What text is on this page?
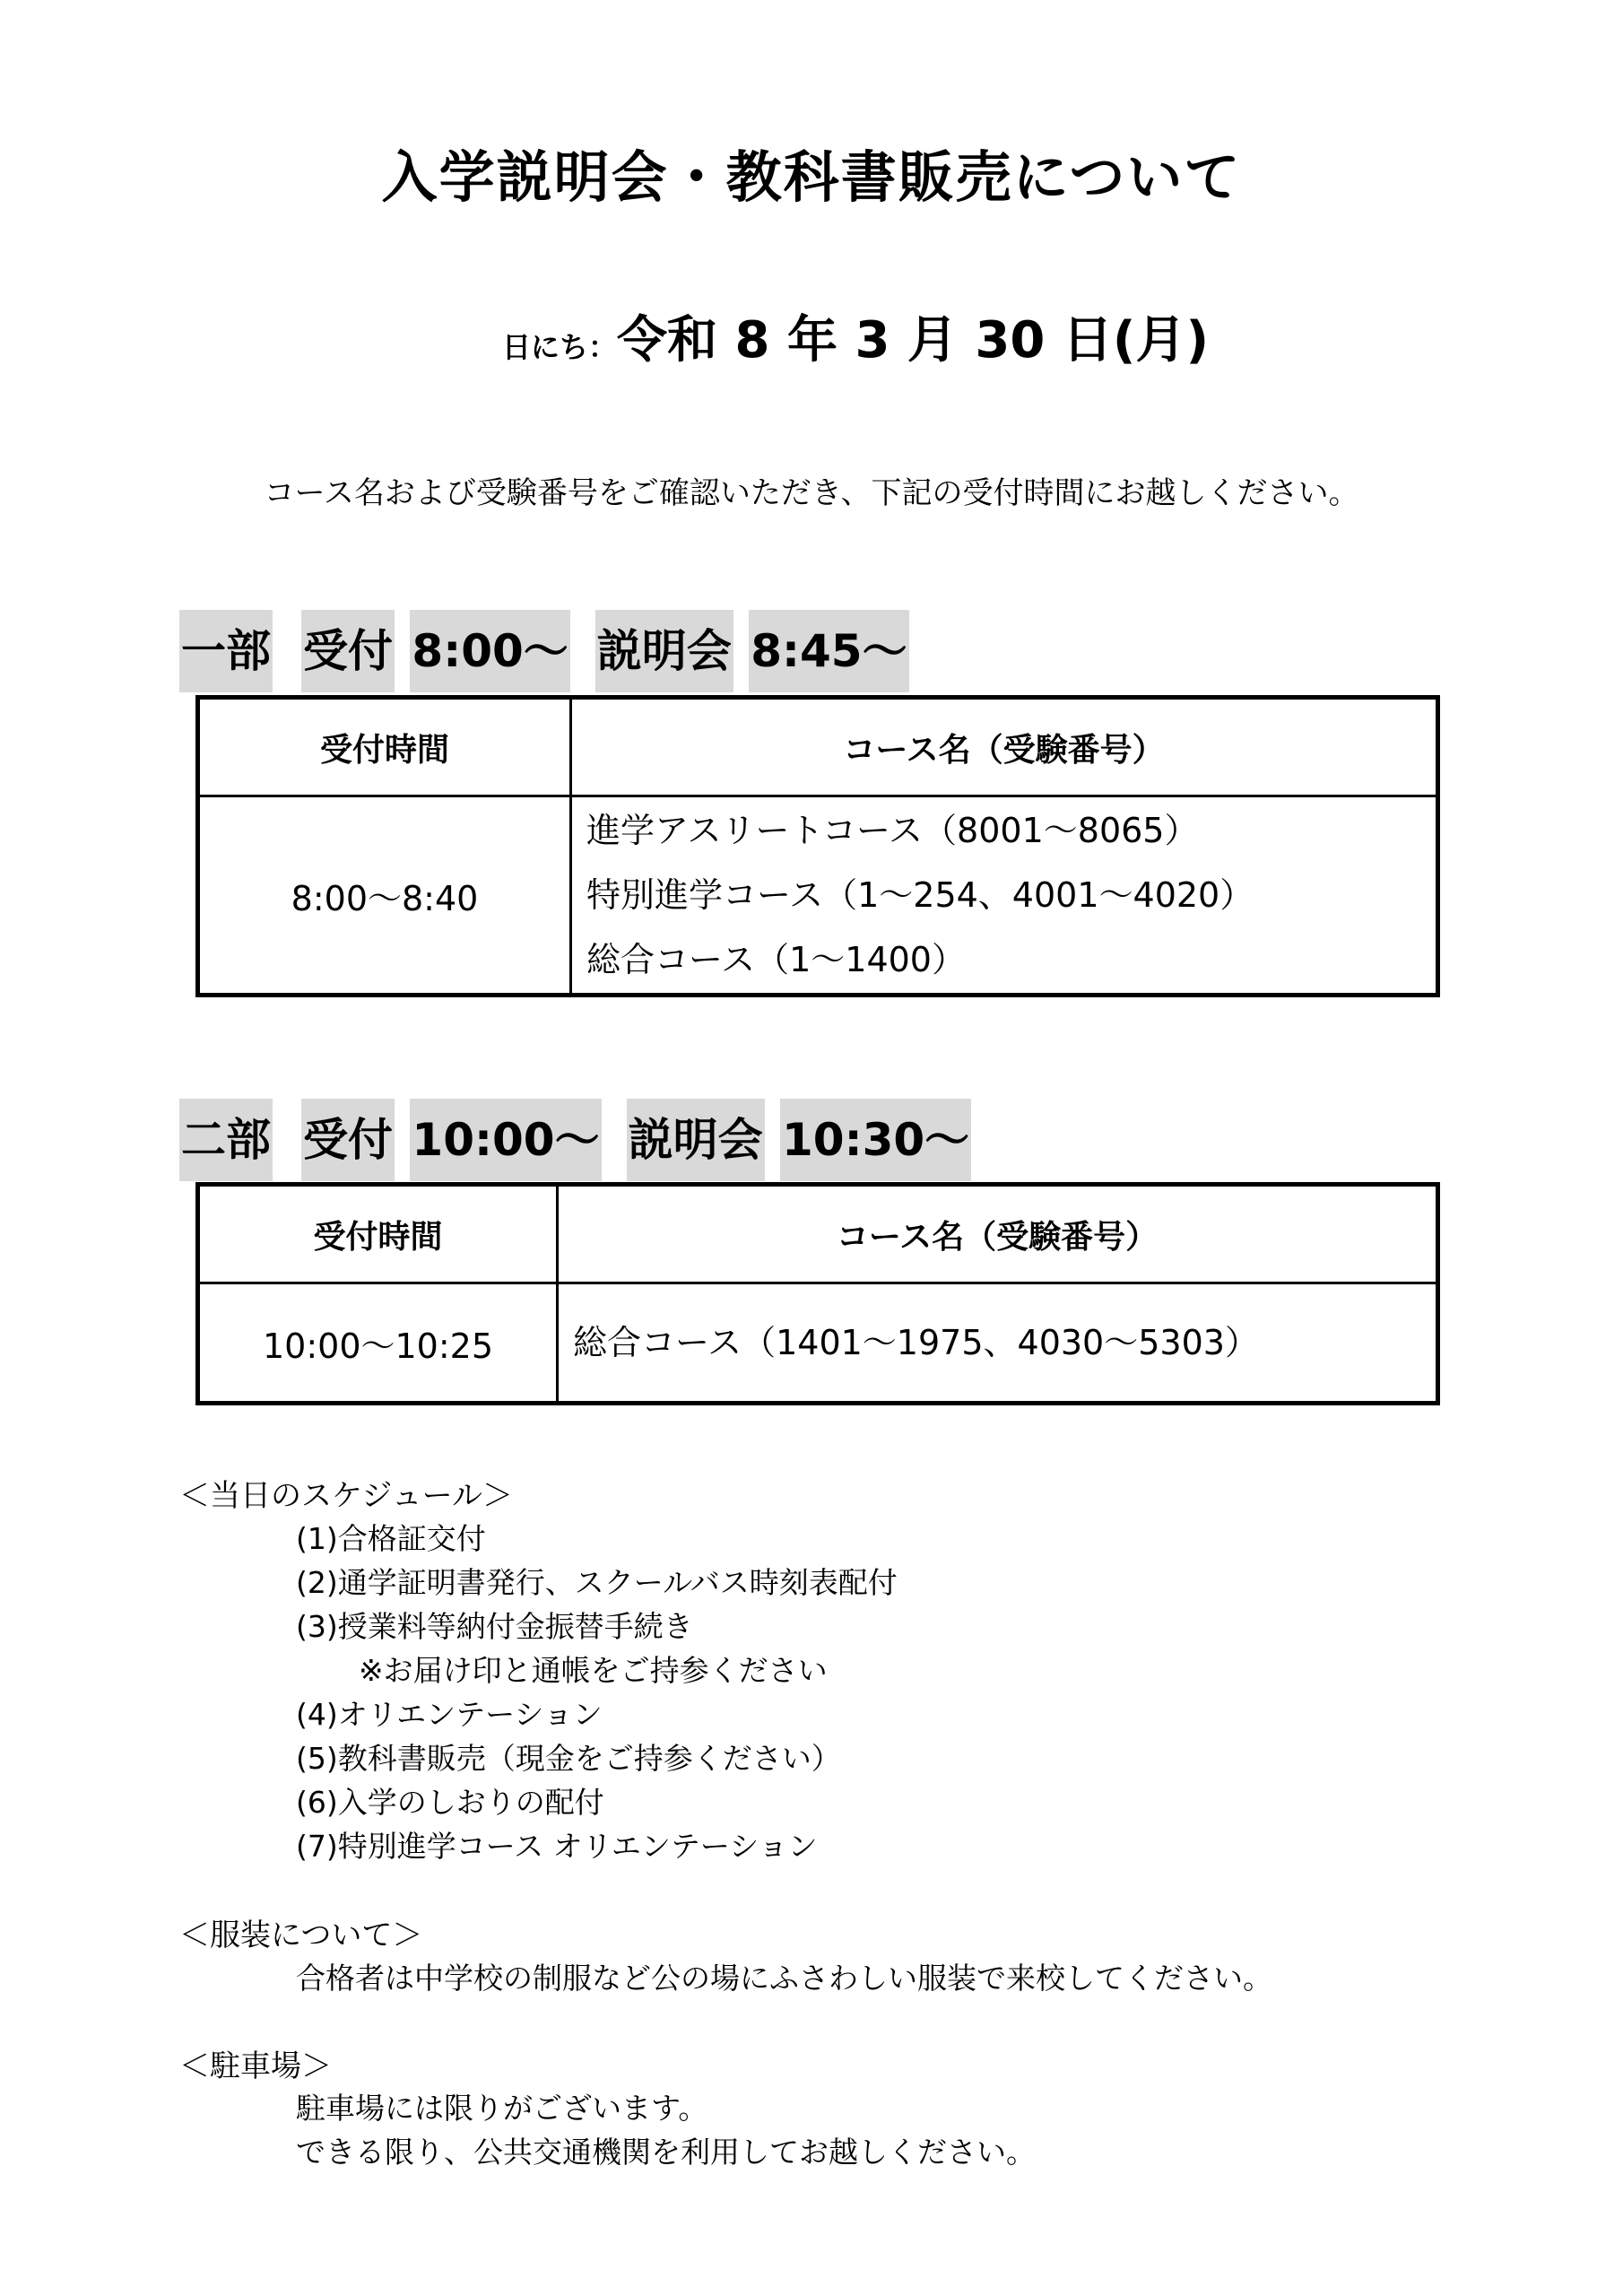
入学説明会・教科書販売について
日にち：令和 8 年 3 月 30 日(月)
コース名および受験番号をご確認いただき、下記の受付時間にお越しください。
一部 受付 8:00〜 説明会 8:45〜
受付時間	コース名（受験番号）
8:00〜8:40	進学アスリートコース（8001〜8065）
特別進学コース（1〜254、4001〜4020）
総合コース（1〜1400）
二部 受付 10:00〜 説明会 10:30〜
受付時間	コース名（受験番号）
10:00〜10:25	総合コース（1401〜1975、4030〜5303）
＜当日のスケジュール＞
(1)合格証交付
(2)通学証明書発行、スクールバス時刻表配付
(3)授業料等納付金振替手続き
※お届け印と通帳をご持参ください
(4)オリエンテーション
(5)教科書販売（現金をご持参ください）
(6)入学のしおりの配付
(7)特別進学コース オリエンテーション
＜服装について＞
合格者は中学校の制服など公の場にふさわしい服装で来校してください。
＜駐車場＞
駐車場には限りがございます。
できる限り、公共交通機関を利用してお越しください。
